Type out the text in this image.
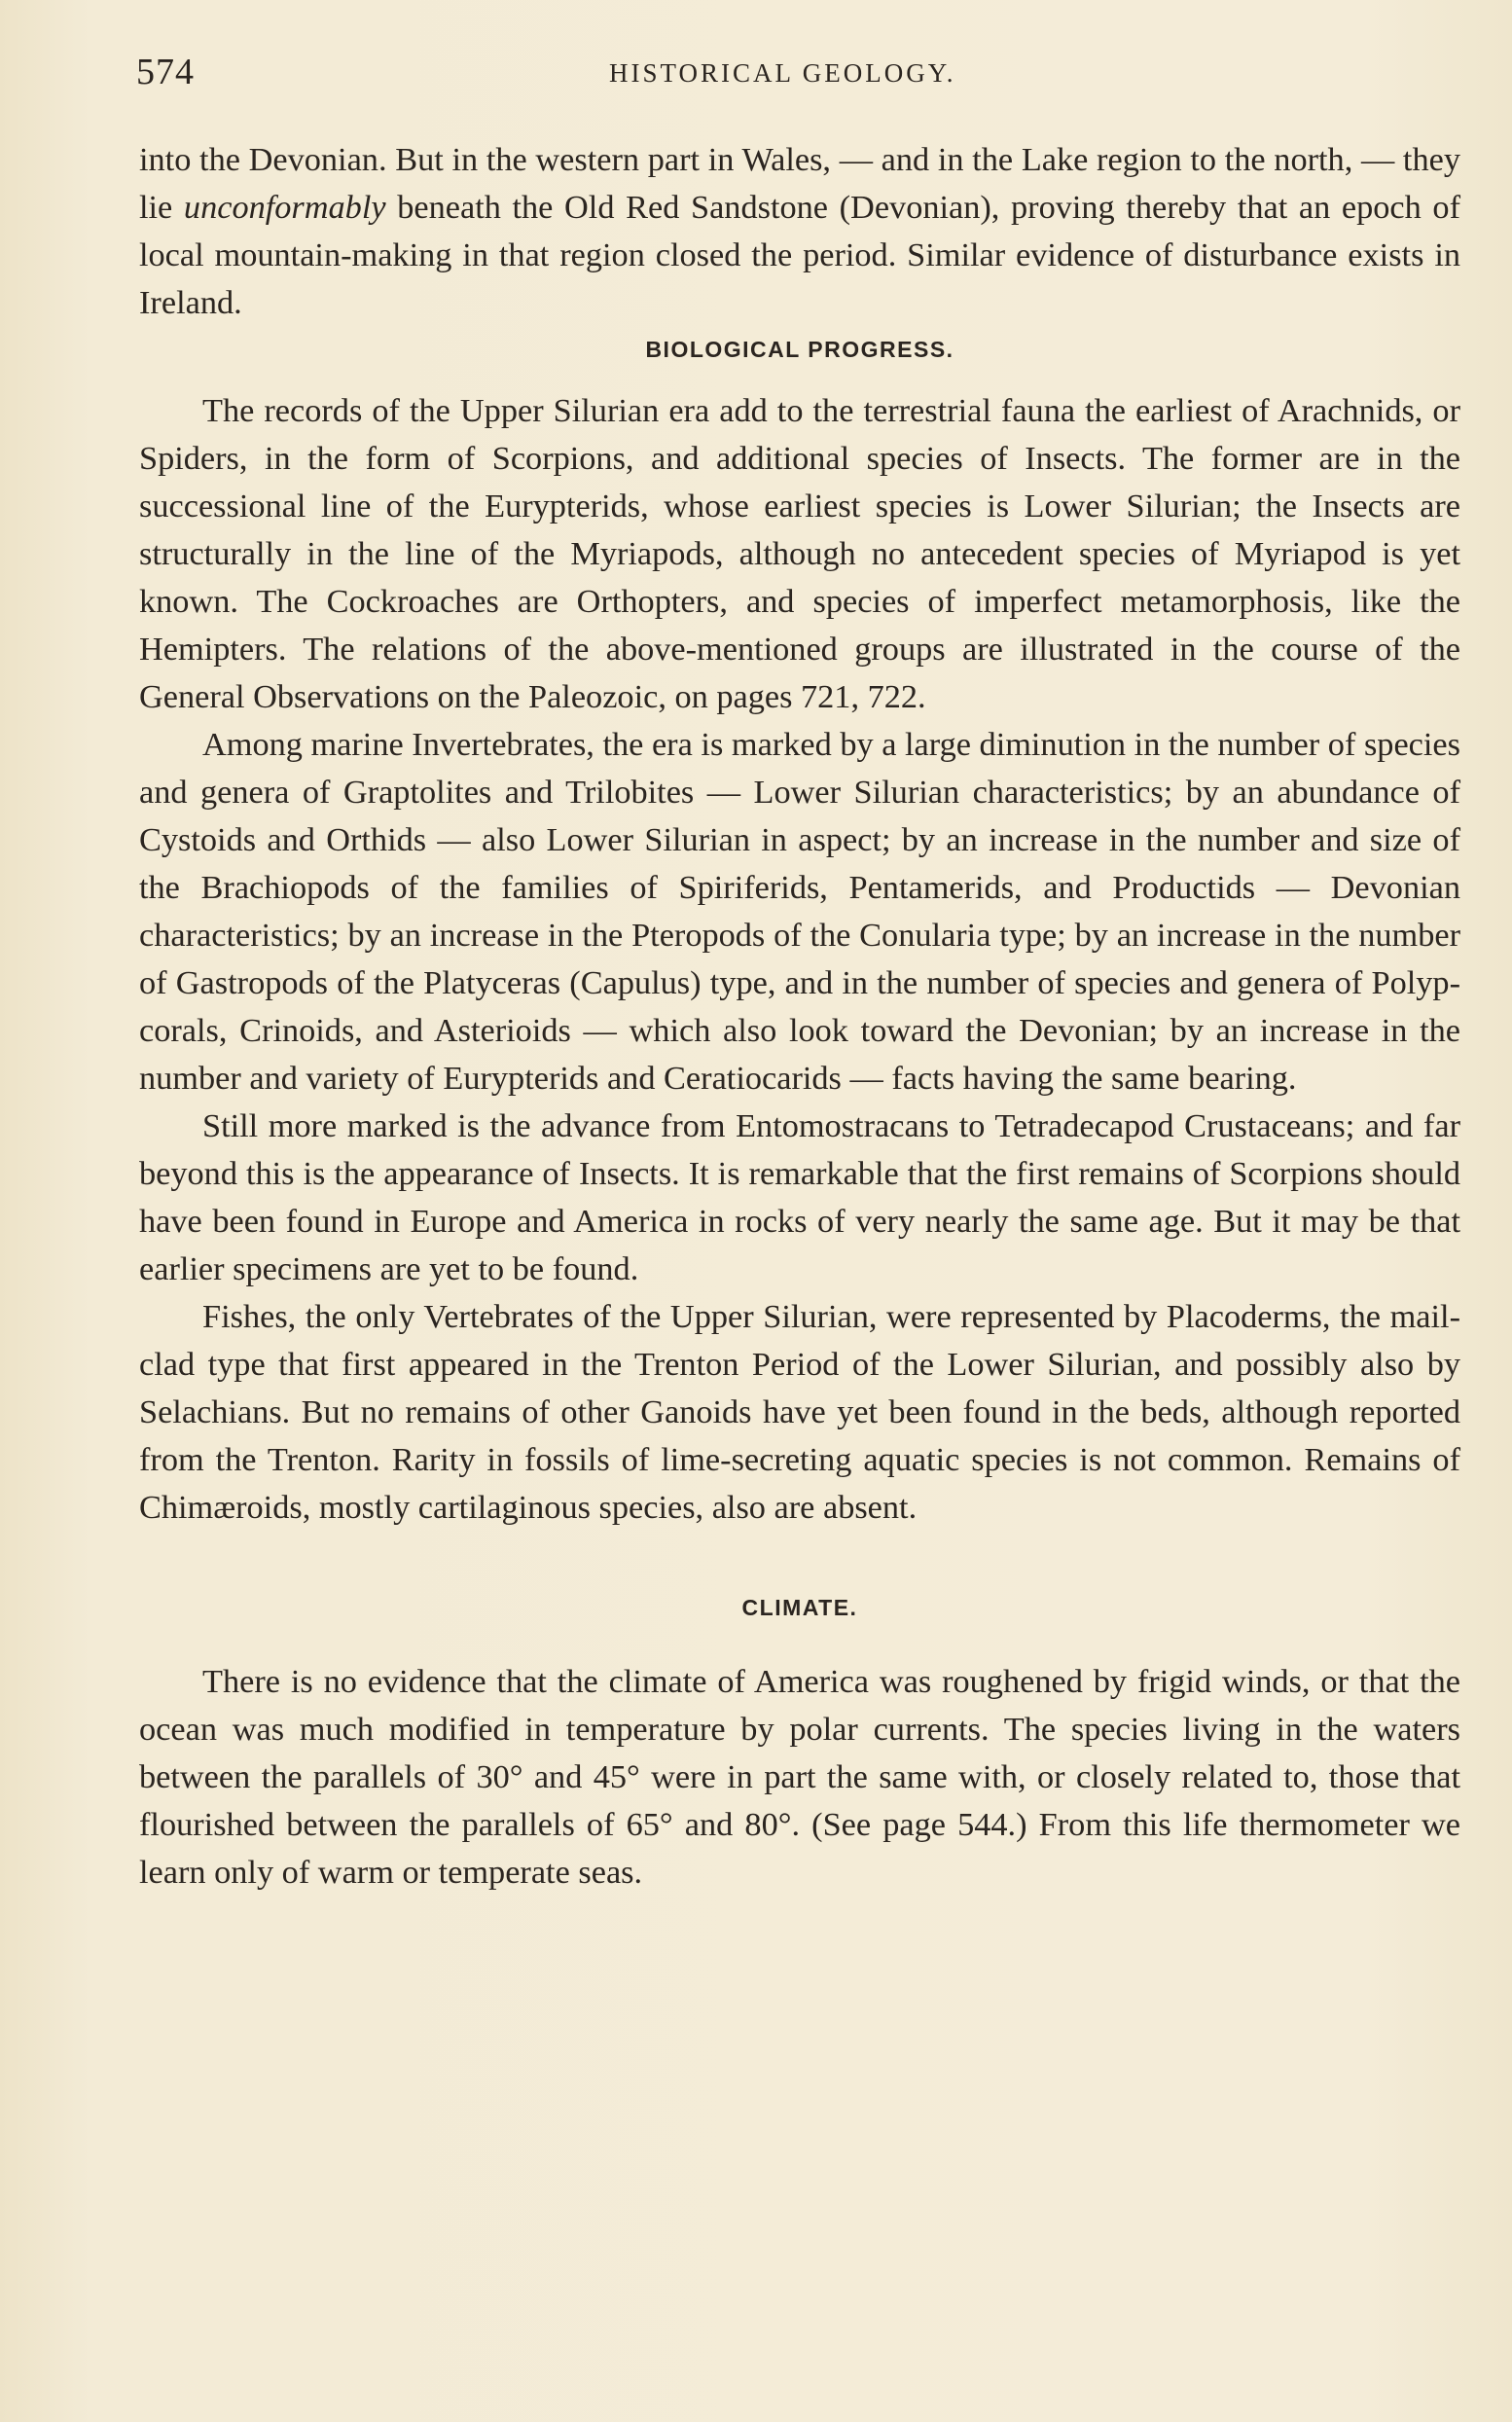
574	HISTORICAL GEOLOGY.

into the Devonian. But in the western part in Wales, — and in the Lake region to the north, — they lie unconformably beneath the Old Red Sandstone (Devonian), proving thereby that an epoch of local mountain-making in that region closed the period. Similar evidence of disturbance exists in Ireland.

BIOLOGICAL PROGRESS.

The records of the Upper Silurian era add to the terrestrial fauna the earliest of Arachnids, or Spiders, in the form of Scorpions, and additional species of Insects. The former are in the successional line of the Eurypterids, whose earliest species is Lower Silurian; the Insects are structurally in the line of the Myriapods, although no antecedent species of Myriapod is yet known. The Cockroaches are Orthopters, and species of imperfect metamorphosis, like the Hemipters. The relations of the above-mentioned groups are illustrated in the course of the General Observations on the Paleozoic, on pages 721, 722.

Among marine Invertebrates, the era is marked by a large diminution in the number of species and genera of Graptolites and Trilobites — Lower Silurian characteristics; by an abundance of Cystoids and Orthids — also Lower Silurian in aspect; by an increase in the number and size of the Brachiopods of the families of Spiriferids, Pentamerids, and Productids — Devonian characteristics; by an increase in the Pteropods of the Conularia type; by an increase in the number of Gastropods of the Platyceras (Capulus) type, and in the number of species and genera of Polyp-corals, Crinoids, and Asterioids — which also look toward the Devonian; by an increase in the number and variety of Eurypterids and Ceratiocarids — facts having the same bearing.

Still more marked is the advance from Entomostracans to Tetradecapod Crustaceans; and far beyond this is the appearance of Insects. It is remarkable that the first remains of Scorpions should have been found in Europe and America in rocks of very nearly the same age. But it may be that earlier specimens are yet to be found.

Fishes, the only Vertebrates of the Upper Silurian, were represented by Placoderms, the mail-clad type that first appeared in the Trenton Period of the Lower Silurian, and possibly also by Selachians. But no remains of other Ganoids have yet been found in the beds, although reported from the Trenton. Rarity in fossils of lime-secreting aquatic species is not common. Remains of Chimæroids, mostly cartilaginous species, also are absent.

CLIMATE.

There is no evidence that the climate of America was roughened by frigid winds, or that the ocean was much modified in temperature by polar currents. The species living in the waters between the parallels of 30° and 45° were in part the same with, or closely related to, those that flourished between the parallels of 65° and 80°. (See page 544.) From this life thermometer we learn only of warm or temperate seas.
